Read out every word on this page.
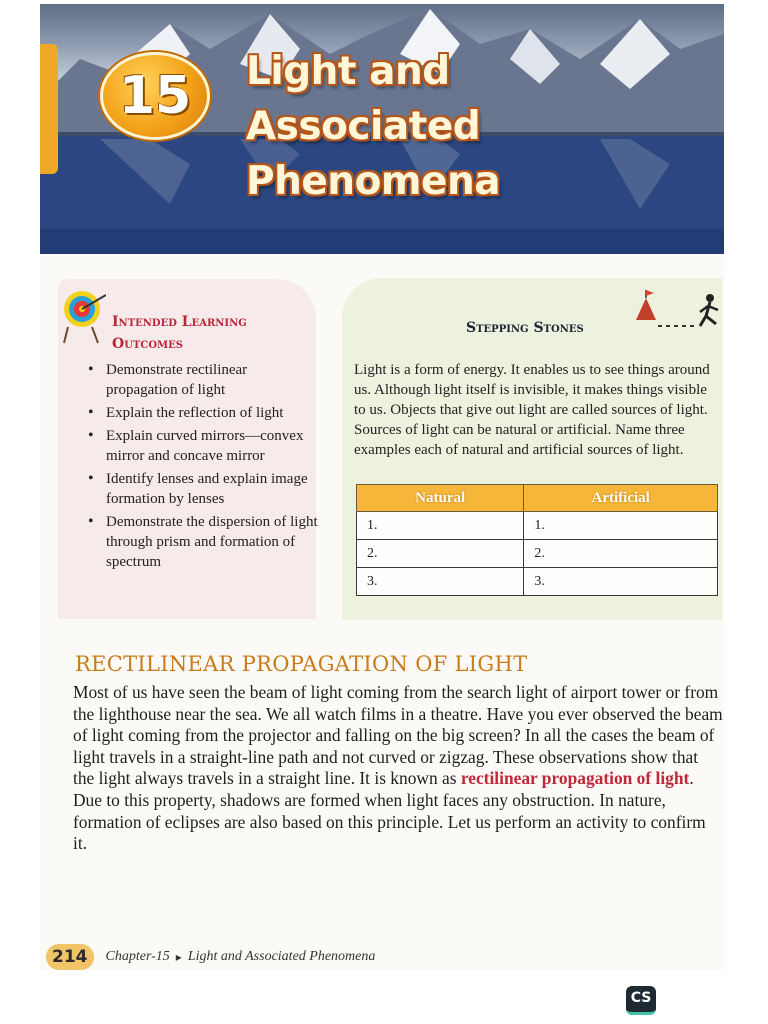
15	Light and
Associated
Phenomena
Intended Learning
Outcomes
• Demonstrate rectilinear propagation of light
• Explain the reflection of light
• Explain curved mirrors—convex mirror and concave mirror
• Identify lenses and explain image formation by lenses
• Demonstrate the dispersion of light through prism and formation of spectrum
Stepping Stones
Light is a form of energy. It enables us to see things around us. Although light itself is invisible, it makes things visible to us. Objects that give out light are called sources of light. Sources of light can be natural or artificial. Name three examples each of natural and artificial sources of light.
Natural	Artificial
1.	1.
2.	2.
3.	3.
RECTILINEAR PROPAGATION OF LIGHT
Most of us have seen the beam of light coming from the search light of airport tower or from the lighthouse near the sea. We all watch films in a theatre. Have you ever observed the beam of light coming from the projector and falling on the big screen? In all the cases the beam of light travels in a straight-line path and not curved or zigzag. These observations show that the light always travels in a straight line. It is known as rectilinear propagation of light. Due to this property, shadows are formed when light faces any obstruction. In nature, formation of eclipses are also based on this principle. Let us perform an activity to confirm it.
214	Chapter-15 ▸ Light and Associated Phenomena
CS
